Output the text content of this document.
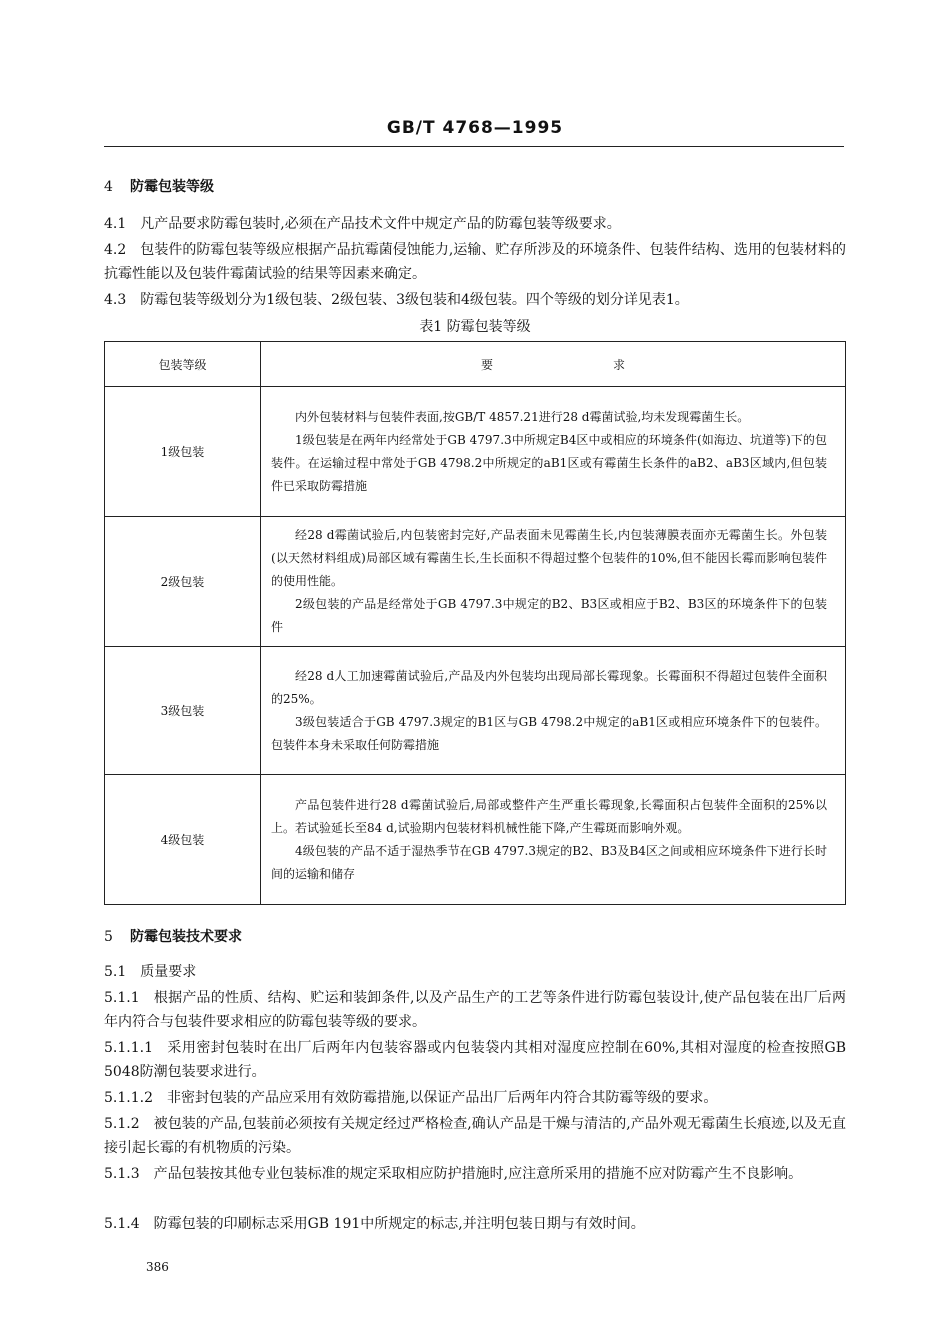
GB/T 4768—1995
4 防霉包装等级
4.1 凡产品要求防霉包装时,必须在产品技术文件中规定产品的防霉包装等级要求。
4.2 包装件的防霉包装等级应根据产品抗霉菌侵蚀能力,运输、贮存所涉及的环境条件、包装件结构、选用的包装材料的抗霉性能以及包装件霉菌试验的结果等因素来确定。
4.3 防霉包装等级划分为1级包装、2级包装、3级包装和4级包装。四个等级的划分详见表1。
表1 防霉包装等级
包装等级	要 求
1级包装	内外包装材料与包装件表面,按GB/T 4857.21进行28 d霉菌试验,均未发现霉菌生长。

1级包装是在两年内经常处于GB 4797.3中所规定B4区中或相应的环境条件(如海边、坑道等)下的包装件。在运输过程中常处于GB 4798.2中所规定的aB1区或有霉菌生长条件的aB2、aB3区域内,但包装件已采取防霉措施

2级包装	经28 d霉菌试验后,内包装密封完好,产品表面未见霉菌生长,内包装薄膜表面亦无霉菌生长。外包装(以天然材料组成)局部区域有霉菌生长,生长面积不得超过整个包装件的10%,但不能因长霉而影响包装件的使用性能。

2级包装的产品是经常处于GB 4797.3中规定的B2、B3区或相应于B2、B3区的环境条件下的包装件

3级包装	经28 d人工加速霉菌试验后,产品及内外包装均出现局部长霉现象。长霉面积不得超过包装件全面积的25%。

3级包装适合于GB 4797.3规定的B1区与GB 4798.2中规定的aB1区或相应环境条件下的包装件。包装件本身未采取任何防霉措施

4级包装	产品包装件进行28 d霉菌试验后,局部或整件产生严重长霉现象,长霉面积占包装件全面积的25%以上。若试验延长至84 d,试验期内包装材料机械性能下降,产生霉斑而影响外观。

4级包装的产品不适于湿热季节在GB 4797.3规定的B2、B3及B4区之间或相应环境条件下进行长时间的运输和储存

5 防霉包装技术要求
5.1 质量要求
5.1.1 根据产品的性质、结构、贮运和装卸条件,以及产品生产的工艺等条件进行防霉包装设计,使产品包装在出厂后两年内符合与包装件要求相应的防霉包装等级的要求。
5.1.1.1 采用密封包装时在出厂后两年内包装容器或内包装袋内其相对湿度应控制在60%,其相对湿度的检查按照GB 5048防潮包装要求进行。
5.1.1.2 非密封包装的产品应采用有效防霉措施,以保证产品出厂后两年内符合其防霉等级的要求。
5.1.2 被包装的产品,包装前必须按有关规定经过严格检查,确认产品是干燥与清洁的,产品外观无霉菌生长痕迹,以及无直接引起长霉的有机物质的污染。
5.1.3 产品包装按其他专业包装标准的规定采取相应防护措施时,应注意所采用的措施不应对防霉产生不良影响。
5.1.4 防霉包装的印刷标志采用GB 191中所规定的标志,并注明包装日期与有效时间。
386
